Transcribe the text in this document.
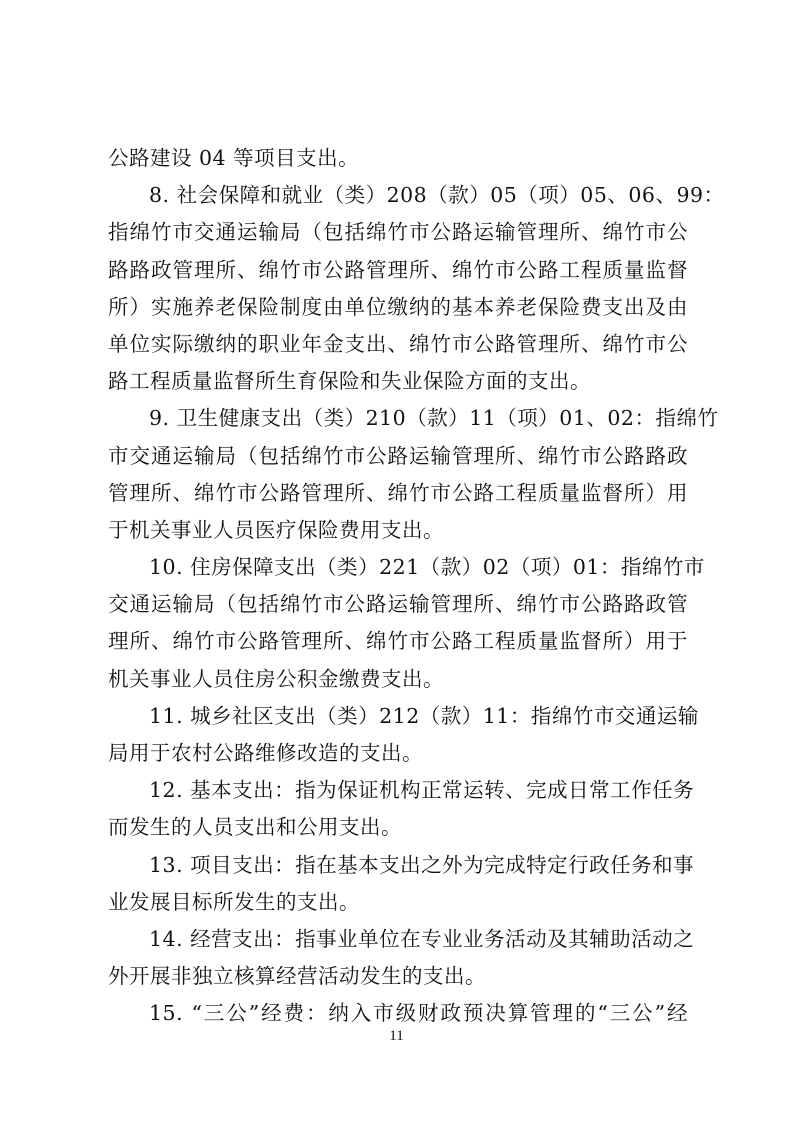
公路建设 04 等项目支出。
8. 社会保障和就业（类）208（款）05（项）05、06、99：
指绵竹市交通运输局（包括绵竹市公路运输管理所、绵竹市公
路路政管理所、绵竹市公路管理所、绵竹市公路工程质量监督
所）实施养老保险制度由单位缴纳的基本养老保险费支出及由
单位实际缴纳的职业年金支出、绵竹市公路管理所、绵竹市公
路工程质量监督所生育保险和失业保险方面的支出。
9. 卫生健康支出（类）210（款）11（项）01、02：指绵竹
市交通运输局（包括绵竹市公路运输管理所、绵竹市公路路政
管理所、绵竹市公路管理所、绵竹市公路工程质量监督所）用
于机关事业人员医疗保险费用支出。
10. 住房保障支出（类）221（款）02（项）01：指绵竹市
交通运输局（包括绵竹市公路运输管理所、绵竹市公路路政管
理所、绵竹市公路管理所、绵竹市公路工程质量监督所）用于
机关事业人员住房公积金缴费支出。
11. 城乡社区支出（类）212（款）11：指绵竹市交通运输
局用于农村公路维修改造的支出。
12. 基本支出：指为保证机构正常运转、完成日常工作任务
而发生的人员支出和公用支出。
13. 项目支出：指在基本支出之外为完成特定行政任务和事
业发展目标所发生的支出。
14. 经营支出：指事业单位在专业业务活动及其辅助活动之
外开展非独立核算经营活动发生的支出。
15. “三公”经费：纳入市级财政预决算管理的“三公”经
11
